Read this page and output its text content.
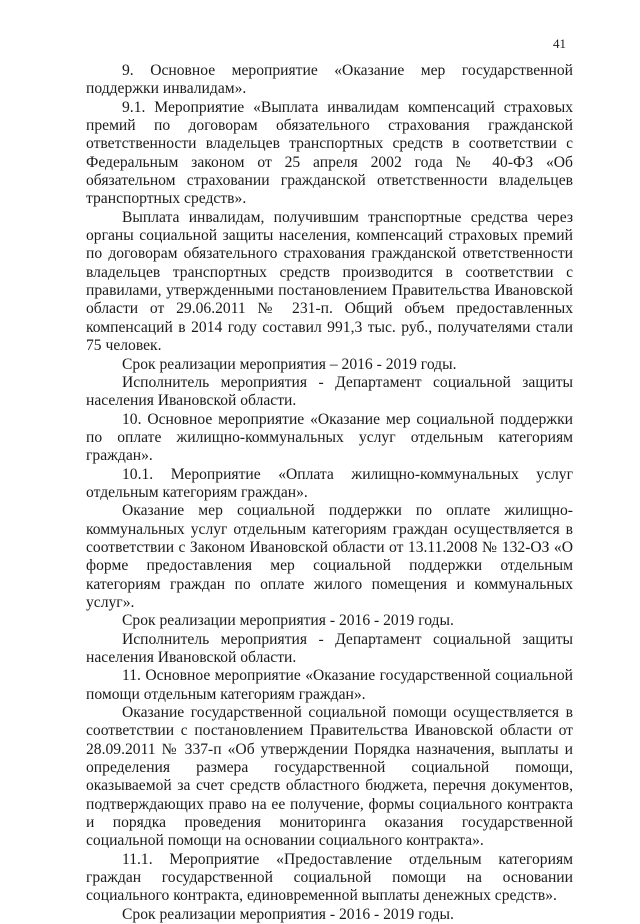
41

9. Основное мероприятие «Оказание мер государственной поддержки инвалидам».

9.1. Мероприятие «Выплата инвалидам компенсаций страховых премий по договорам обязательного страхования гражданской ответственности владельцев транспортных средств в соответствии с Федеральным законом от 25 апреля 2002 года № 40-ФЗ «Об обязательном страховании гражданской ответственности владельцев транспортных средств».

Выплата инвалидам, получившим транспортные средства через органы социальной защиты населения, компенсаций страховых премий по договорам обязательного страхования гражданской ответственности владельцев транспортных средств производится в соответствии с правилами, утвержденными постановлением Правительства Ивановской области от 29.06.2011 № 231-п. Общий объем предоставленных компенсаций в 2014 году составил 991,3 тыс. руб., получателями стали 75 человек.

Срок реализации мероприятия – 2016 - 2019 годы.

Исполнитель мероприятия - Департамент социальной защиты населения Ивановской области.

10. Основное мероприятие «Оказание мер социальной поддержки по оплате жилищно-коммунальных услуг отдельным категориям граждан».

10.1. Мероприятие «Оплата жилищно-коммунальных услуг отдельным категориям граждан».

Оказание мер социальной поддержки по оплате жилищно-коммунальных услуг отдельным категориям граждан осуществляется в соответствии с Законом Ивановской области от 13.11.2008 № 132-ОЗ «О форме предоставления мер социальной поддержки отдельным категориям граждан по оплате жилого помещения и коммунальных услуг».

Срок реализации мероприятия - 2016 - 2019 годы.

Исполнитель мероприятия - Департамент социальной защиты населения Ивановской области.

11. Основное мероприятие «Оказание государственной социальной помощи отдельным категориям граждан».

Оказание государственной социальной помощи осуществляется в соответствии с постановлением Правительства Ивановской области от 28.09.2011 № 337-п «Об утверждении Порядка назначения, выплаты и определения размера государственной социальной помощи, оказываемой за счет средств областного бюджета, перечня документов, подтверждающих право на ее получение, формы социального контракта и порядка проведения мониторинга оказания государственной социальной помощи на основании социального контракта».

11.1. Мероприятие «Предоставление отдельным категориям граждан государственной социальной помощи на основании социального контракта, единовременной выплаты денежных средств».

Срок реализации мероприятия - 2016 - 2019 годы.
